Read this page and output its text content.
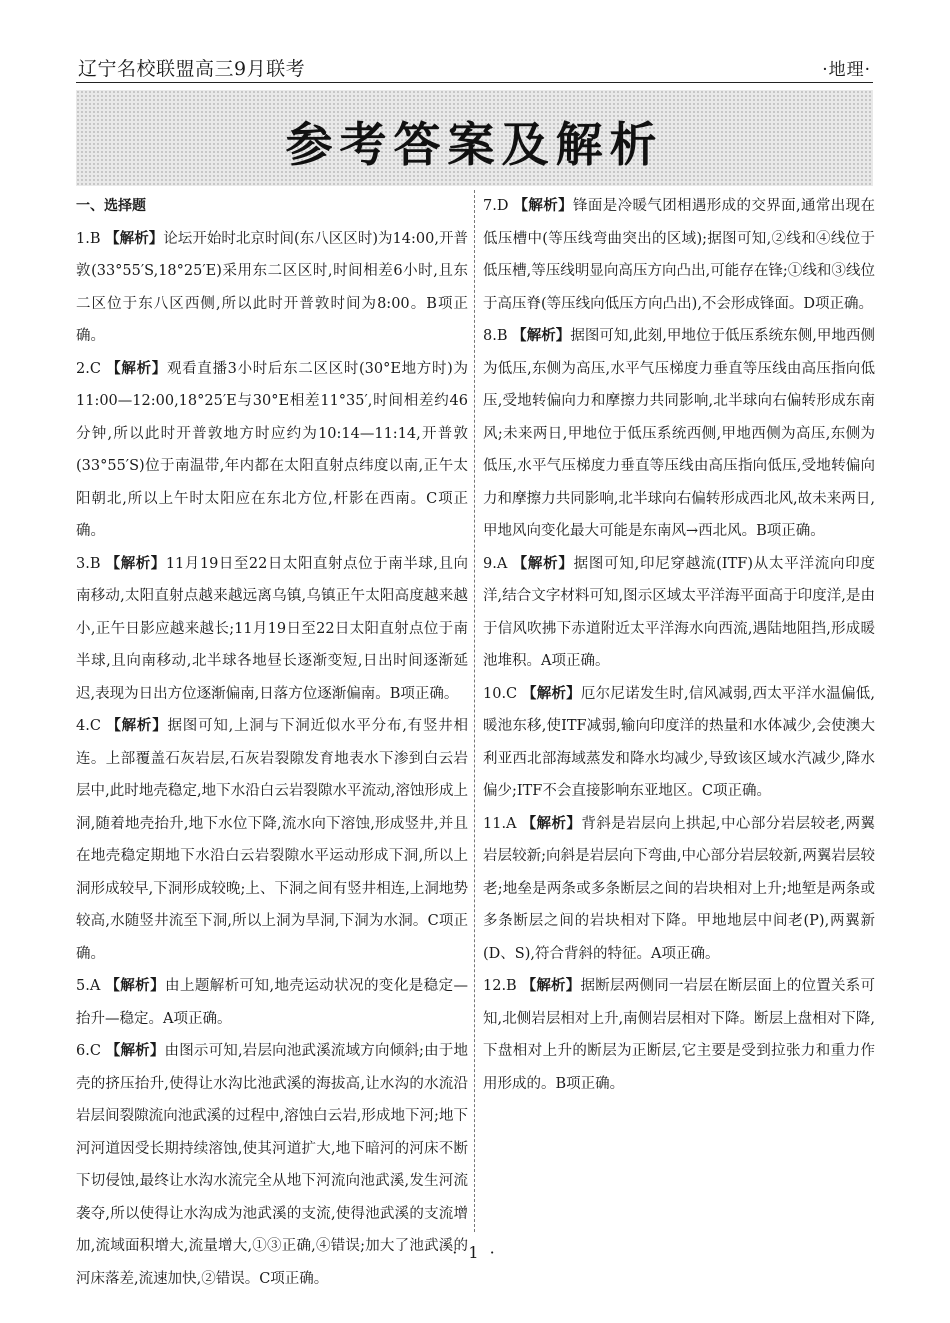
辽宁名校联盟高三9月联考	·地理·
参考答案及解析

一、选择题

1.B 【解析】论坛开始时北京时间(东八区区时)为14:00,开普敦(33°55′S,18°25′E)采用东二区区时,时间相差6小时,且东二区位于东八区西侧,所以此时开普敦时间为8:00。B项正确。

2.C 【解析】观看直播3小时后东二区区时(30°E地方时)为11:00—12:00,18°25′E与30°E相差11°35′,时间相差约46分钟,所以此时开普敦地方时应约为10:14—11:14,开普敦(33°55′S)位于南温带,年内都在太阳直射点纬度以南,正午太阳朝北,所以上午时太阳应在东北方位,杆影在西南。C项正确。

3.B 【解析】11月19日至22日太阳直射点位于南半球,且向南移动,太阳直射点越来越远离乌镇,乌镇正午太阳高度越来越小,正午日影应越来越长;11月19日至22日太阳直射点位于南半球,且向南移动,北半球各地昼长逐渐变短,日出时间逐渐延迟,表现为日出方位逐渐偏南,日落方位逐渐偏南。B项正确。

4.C 【解析】据图可知,上洞与下洞近似水平分布,有竖井相连。上部覆盖石灰岩层,石灰岩裂隙发育地表水下渗到白云岩层中,此时地壳稳定,地下水沿白云岩裂隙水平流动,溶蚀形成上洞,随着地壳抬升,地下水位下降,流水向下溶蚀,形成竖井,并且在地壳稳定期地下水沿白云岩裂隙水平运动形成下洞,所以上洞形成较早,下洞形成较晚;上、下洞之间有竖井相连,上洞地势较高,水随竖井流至下洞,所以上洞为旱洞,下洞为水洞。C项正确。

5.A 【解析】由上题解析可知,地壳运动状况的变化是稳定—抬升—稳定。A项正确。

6.C 【解析】由图示可知,岩层向池武溪流域方向倾斜;由于地壳的挤压抬升,使得让水沟比池武溪的海拔高,让水沟的水流沿岩层间裂隙流向池武溪的过程中,溶蚀白云岩,形成地下河;地下河河道因受长期持续溶蚀,使其河道扩大,地下暗河的河床不断下切侵蚀,最终让水沟水流完全从地下河流向池武溪,发生河流袭夺,所以使得让水沟成为池武溪的支流,使得池武溪的支流增加,流域面积增大,流量增大,①③正确,④错误;加大了池武溪的河床落差,流速加快,②错误。C项正确。

7.D 【解析】锋面是冷暖气团相遇形成的交界面,通常出现在低压槽中(等压线弯曲突出的区域);据图可知,②线和④线位于低压槽,等压线明显向高压方向凸出,可能存在锋;①线和③线位于高压脊(等压线向低压方向凸出),不会形成锋面。D项正确。

8.B 【解析】据图可知,此刻,甲地位于低压系统东侧,甲地西侧为低压,东侧为高压,水平气压梯度力垂直等压线由高压指向低压,受地转偏向力和摩擦力共同影响,北半球向右偏转形成东南风;未来两日,甲地位于低压系统西侧,甲地西侧为高压,东侧为低压,水平气压梯度力垂直等压线由高压指向低压,受地转偏向力和摩擦力共同影响,北半球向右偏转形成西北风,故未来两日,甲地风向变化最大可能是东南风→西北风。B项正确。

9.A 【解析】据图可知,印尼穿越流(ITF)从太平洋流向印度洋,结合文字材料可知,图示区域太平洋海平面高于印度洋,是由于信风吹拂下赤道附近太平洋海水向西流,遇陆地阻挡,形成暖池堆积。A项正确。

10.C 【解析】厄尔尼诺发生时,信风减弱,西太平洋水温偏低,暖池东移,使ITF减弱,输向印度洋的热量和水体减少,会使澳大利亚西北部海域蒸发和降水均减少,导致该区域水汽减少,降水偏少;ITF不会直接影响东亚地区。C项正确。

11.A 【解析】背斜是岩层向上拱起,中心部分岩层较老,两翼岩层较新;向斜是岩层向下弯曲,中心部分岩层较新,两翼岩层较老;地垒是两条或多条断层之间的岩块相对上升;地堑是两条或多条断层之间的岩块相对下降。甲地地层中间老(P),两翼新(D、S),符合背斜的特征。A项正确。

12.B 【解析】据断层两侧同一岩层在断层面上的位置关系可知,北侧岩层相对上升,南侧岩层相对下降。断层上盘相对下降,下盘相对上升的断层为正断层,它主要是受到拉张力和重力作用形成的。B项正确。

· 1 ·
